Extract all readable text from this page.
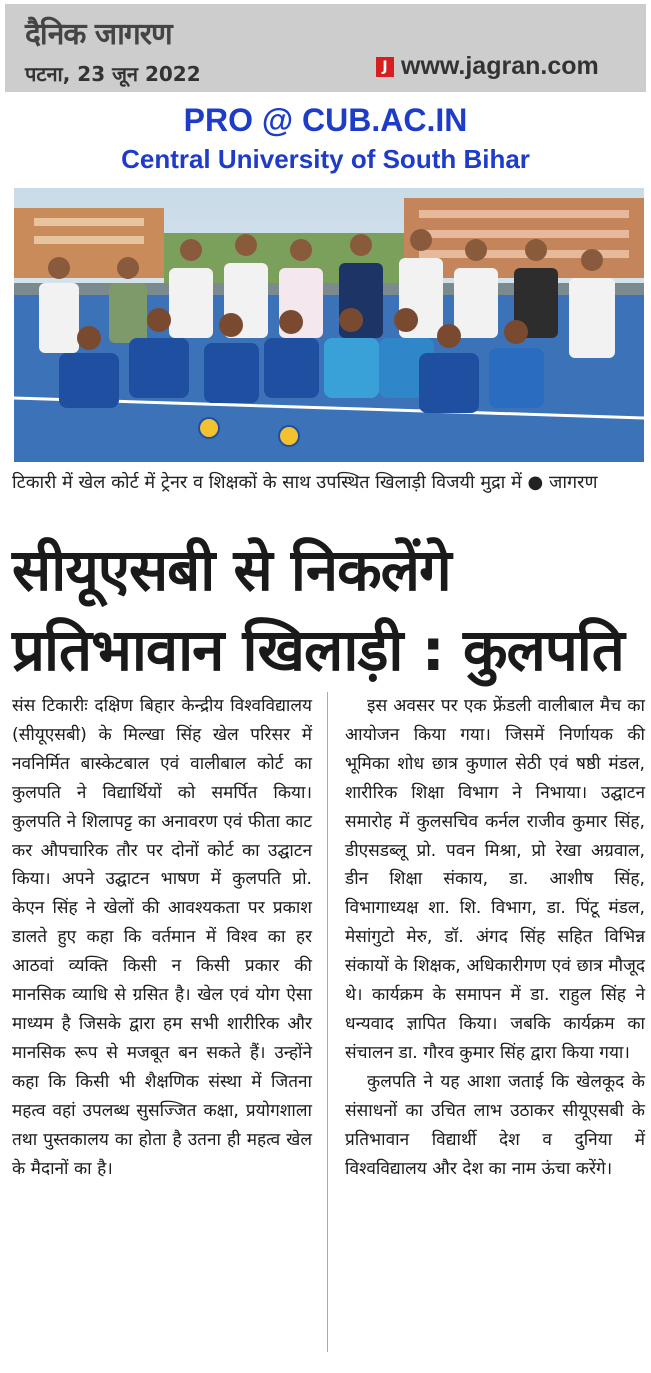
दैनिक जागरण
पटना, 23 जून 2022	J www.jagran.com
PRO @ CUB.AC.IN
Central University of South Bihar
टिकारी में खेल कोर्ट में ट्रेनर व शिक्षकों के साथ उपस्थित खिलाड़ी विजयी मुद्रा में ● जागरण
सीयूएसबी से निकलेंगे
प्रतिभावान खिलाड़ी : कुलपति

संस टिकारीः दक्षिण बिहार केन्द्रीय विश्वविद्यालय (सीयूएसबी) के मिल्खा सिंह खेल परिसर में नवनिर्मित बास्केटबाल एवं वालीबाल कोर्ट का कुलपति ने विद्यार्थियों को समर्पित किया। कुलपति ने शिलापट्ट का अनावरण एवं फीता काट कर औपचारिक तौर पर दोनों कोर्ट का उद्घाटन किया। अपने उद्घाटन भाषण में कुलपति प्रो. केएन सिंह ने खेलों की आवश्यकता पर प्रकाश डालते हुए कहा कि वर्तमान में विश्व का हर आठवां व्यक्ति किसी न किसी प्रकार की मानसिक व्याधि से ग्रसित है। खेल एवं योग ऐसा माध्यम है जिसके द्वारा हम सभी शारीरिक और मानसिक रूप से मजबूत बन सकते हैं। उन्होंने कहा कि किसी भी शैक्षणिक संस्था में जितना महत्व वहां उपलब्ध सुसज्जित कक्षा, प्रयोगशाला तथा पुस्तकालय का होता है उतना ही महत्व खेल के मैदानों का है।

इस अवसर पर एक फ्रेंडली वालीबाल मैच का आयोजन किया गया। जिसमें निर्णायक की भूमिका शोध छात्र कुणाल सेठी एवं षष्ठी मंडल, शारीरिक शिक्षा विभाग ने निभाया। उद्घाटन समारोह में कुलसचिव कर्नल राजीव कुमार सिंह, डीएसडब्लू प्रो. पवन मिश्रा, प्रो रेखा अग्रवाल, डीन शिक्षा संकाय, डा. आशीष सिंह, विभागाध्यक्ष शा. शि. विभाग, डा. पिंटू मंडल, मेसांगुटो मेरु, डॉ. अंगद सिंह सहित विभिन्न संकायों के शिक्षक, अधिकारीगण एवं छात्र मौजूद थे। कार्यक्रम के समापन में डा. राहुल सिंह ने धन्यवाद ज्ञापित किया। जबकि कार्यक्रम का संचालन डा. गौरव कुमार सिंह द्वारा किया गया।

कुलपति ने यह आशा जताई कि खेलकूद के संसाधनों का उचित लाभ उठाकर सीयूएसबी के प्रतिभावान विद्यार्थी देश व दुनिया में विश्वविद्यालय और देश का नाम ऊंचा करेंगे।
